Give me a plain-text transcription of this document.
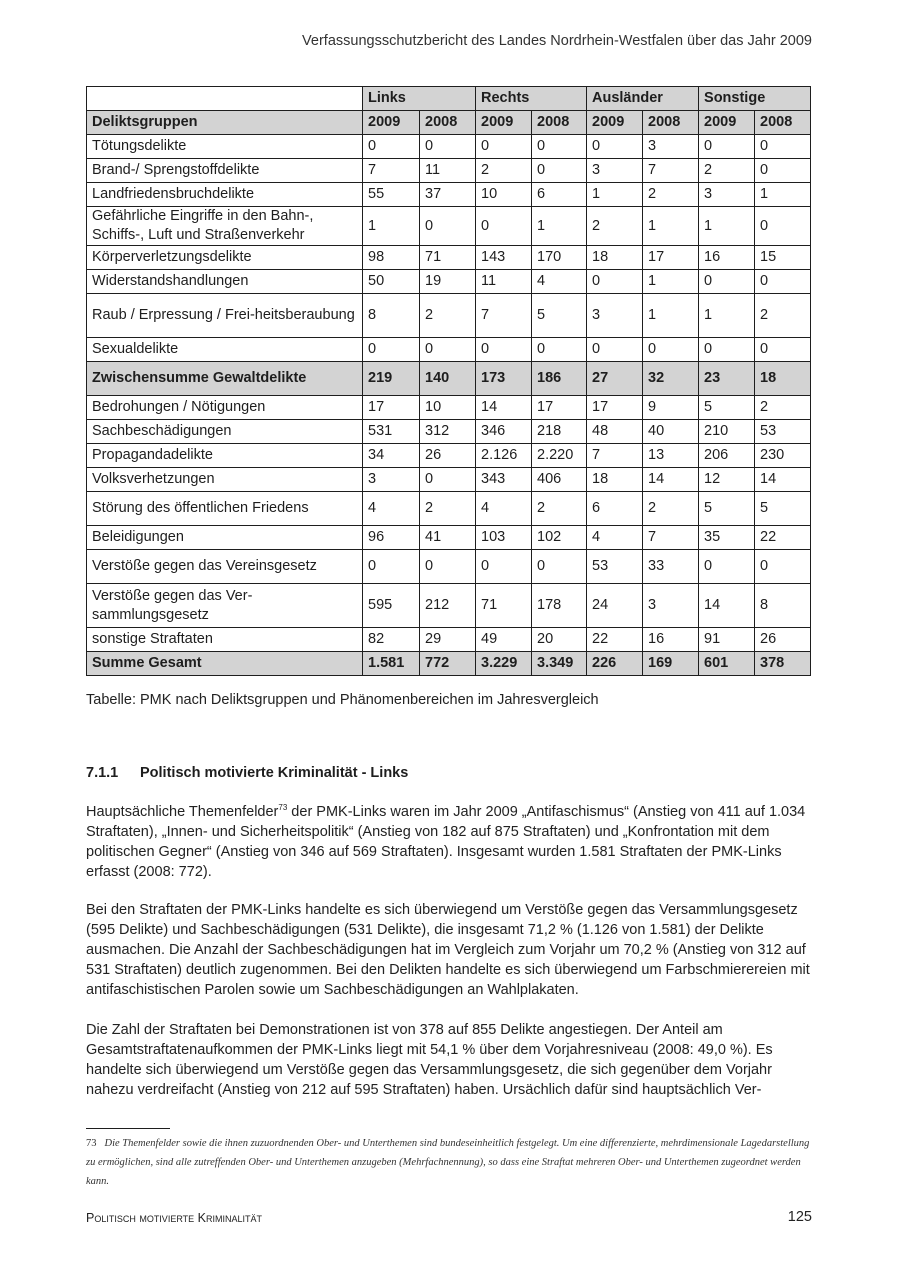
Verfassungsschutzbericht des Landes Nordrhein-Westfalen über das Jahr 2009
	Links		Rechts		Ausländer		Sonstige	
Deliktsgruppen	2009	2008	2009	2008	2009	2008	2009	2008
Tötungsdelikte	0	0	0	0	0	3	0	0
Brand-/ Sprengstoffdelikte	7	11	2	0	3	7	2	0
Landfriedensbruchdelikte	55	37	10	6	1	2	3	1
Gefährliche Eingriffe in den Bahn-, Schiffs-, Luft und Straßenverkehr	1	0	0	1	2	1	1	0
Körperverletzungsdelikte	98	71	143	170	18	17	16	15
Widerstandshandlungen	50	19	11	4	0	1	0	0
Raub / Erpressung / Frei-heitsberaubung	8	2	7	5	3	1	1	2
Sexualdelikte	0	0	0	0	0	0	0	0
Zwischensumme Gewaltdelikte	219	140	173	186	27	32	23	18
Bedrohungen / Nötigungen	17	10	14	17	17	9	5	2
Sachbeschädigungen	531	312	346	218	48	40	210	53
Propagandadelikte	34	26	2.126	2.220	7	13	206	230
Volksverhetzungen	3	0	343	406	18	14	12	14
Störung des öffentlichen Friedens	4	2	4	2	6	2	5	5
Beleidigungen	96	41	103	102	4	7	35	22
Verstöße gegen das Vereinsgesetz	0	0	0	0	53	33	0	0
Verstöße gegen das Ver-sammlungsgesetz	595	212	71	178	24	3	14	8
sonstige Straftaten	82	29	49	20	22	16	91	26
Summe Gesamt	1.581	772	3.229	3.349	226	169	601	378
Tabelle: PMK nach Deliktsgruppen und Phänomenbereichen im Jahresvergleich
7.1.1 Politisch motivierte Kriminalität - Links

Hauptsächliche Themenfelder$^{73}$ der PMK-Links waren im Jahr 2009 „Antifaschismus“ (Anstieg von 411 auf 1.034 Straftaten), „Innen- und Sicherheitspolitik“ (Anstieg von 182 auf 875 Straftaten) und „Konfrontation mit dem politischen Gegner“ (Anstieg von 346 auf 569 Straftaten). Insgesamt wurden 1.581 Straftaten der PMK-Links erfasst (2008: 772).

Bei den Straftaten der PMK-Links handelte es sich überwiegend um Verstöße gegen das Versammlungsgesetz (595 Delikte) und Sachbeschädigungen (531 Delikte), die insgesamt 71,2 % (1.126 von 1.581) der Delikte ausmachen. Die Anzahl der Sachbeschädigungen hat im Vergleich zum Vorjahr um 70,2 % (Anstieg von 312 auf 531 Straftaten) deutlich zugenommen. Bei den Delikten handelte es sich überwiegend um Farbschmierereien mit antifaschistischen Parolen sowie um Sachbeschädigungen an Wahlplakaten.

Die Zahl der Straftaten bei Demonstrationen ist von 378 auf 855 Delikte angestiegen. Der Anteil am Gesamtstraftatenaufkommen der PMK-Links liegt mit 54,1 % über dem Vorjahresniveau (2008: 49,0 %). Es handelte sich überwiegend um Verstöße gegen das Versammlungsgesetz, die sich gegenüber dem Vorjahr nahezu verdreifacht (Anstieg von 212 auf 595 Straftaten) haben. Ursächlich dafür sind hauptsächlich Ver-

73 Die Themenfelder sowie die ihnen zuzuordnenden Ober- und Unterthemen sind bundeseinheitlich festgelegt. Um eine differenzierte, mehrdimensionale Lagedarstellung zu ermöglichen, sind alle zutreffenden Ober- und Unterthemen anzugeben (Mehrfachnennung), so dass eine Straftat mehreren Ober- und Unterthemen zugeordnet werden kann.

Politisch motivierte Kriminalität	125
